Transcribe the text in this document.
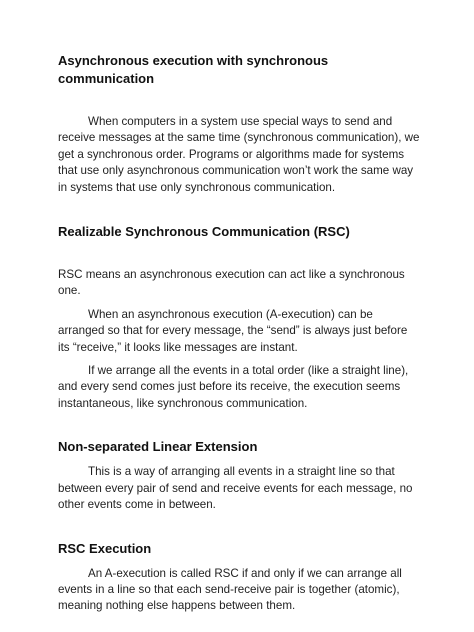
Asynchronous execution with synchronous communication

When computers in a system use special ways to send and receive messages at the same time (synchronous communication), we get a synchronous order. Programs or algorithms made for systems that use only asynchronous communication won’t work the same way in systems that use only synchronous communication.

Realizable Synchronous Communication (RSC)

RSC means an asynchronous execution can act like a synchronous one.

When an asynchronous execution (A-execution) can be arranged so that for every message, the “send” is always just before its “receive,” it looks like messages are instant.

If we arrange all the events in a total order (like a straight line), and every send comes just before its receive, the execution seems instantaneous, like synchronous communication.

Non-separated Linear Extension

This is a way of arranging all events in a straight line so that between every pair of send and receive events for each message, no other events come in between.

RSC Execution

An A-execution is called RSC if and only if we can arrange all events in a line so that each send-receive pair is together (atomic), meaning nothing else happens between them.
